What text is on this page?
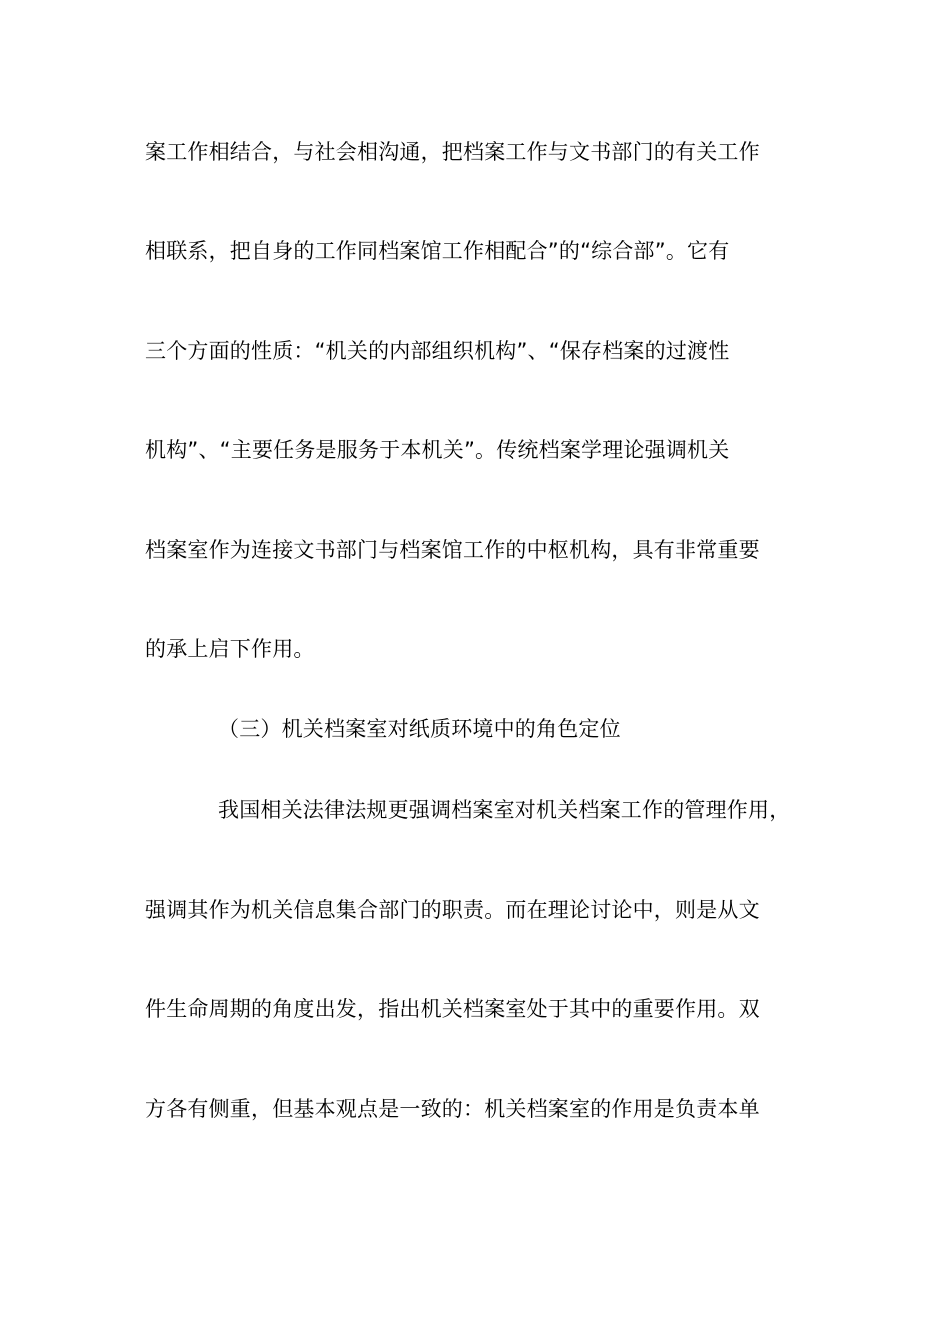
案工作相结合，与社会相沟通，把档案工作与文书部门的有关工作
相联系，把自身的工作同档案馆工作相配合”的“综合部”。它有
三个方面的性质：“机关的内部组织机构”、“保存档案的过渡性
机构”、“主要任务是服务于本机关”。传统档案学理论强调机关
档案室作为连接文书部门与档案馆工作的中枢机构，具有非常重要
的承上启下作用。
（三）机关档案室对纸质环境中的角色定位
我国相关法律法规更强调档案室对机关档案工作的管理作用，
强调其作为机关信息集合部门的职责。而在理论讨论中，则是从文
件生命周期的角度出发，指出机关档案室处于其中的重要作用。双
方各有侧重，但基本观点是一致的：机关档案室的作用是负责本单
